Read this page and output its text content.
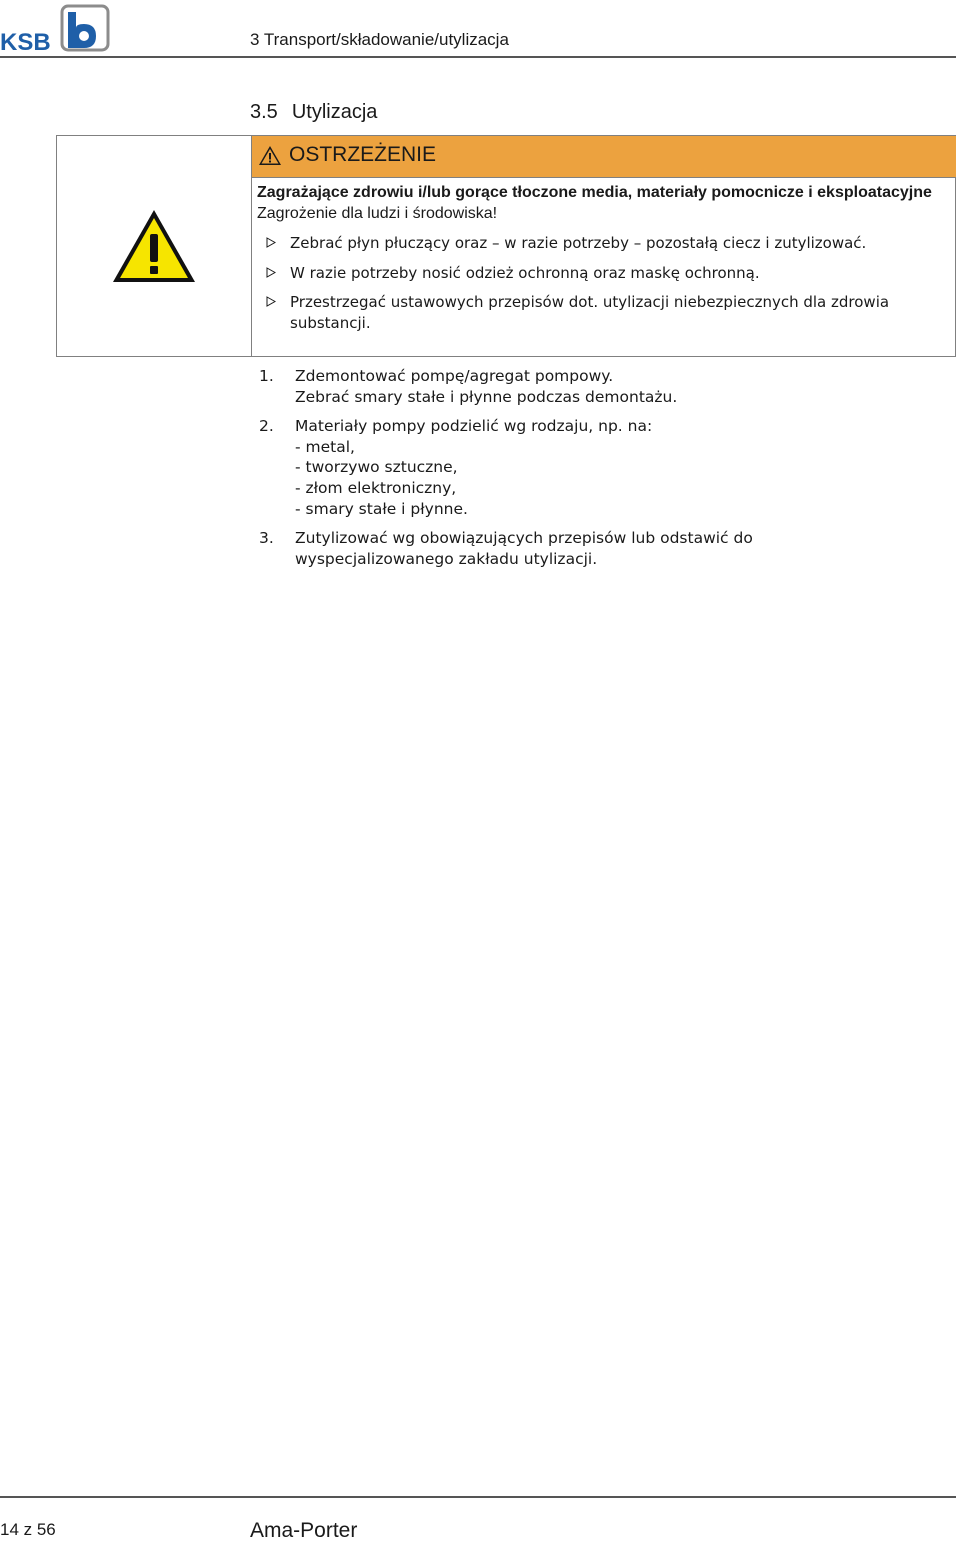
KSB	3 Transport/składowanie/utylizacja
3.5 Utylizacja
OSTRZEŻENIE
Zagrażające zdrowiu i/lub gorące tłoczone media, materiały pomocnicze i eksploatacyjne
Zagrożenie dla ludzi i środowiska!
Zebrać płyn płuczący oraz – w razie potrzeby – pozostałą ciecz i zutylizować.
W razie potrzeby nosić odzież ochronną oraz maskę ochronną.
Przestrzegać ustawowych przepisów dot. utylizacji niebezpiecznych dla zdrowia substancji.
1. Zdemontować pompę/agregat pompowy.
Zebrać smary stałe i płynne podczas demontażu.
2. Materiały pompy podzielić wg rodzaju, np. na:
- metal,
- tworzywo sztuczne,
- złom elektroniczny,
- smary stałe i płynne.
3. Zutylizować wg obowiązujących przepisów lub odstawić do
wyspecjalizowanego zakładu utylizacji.
14 z 56	Ama-Porter
